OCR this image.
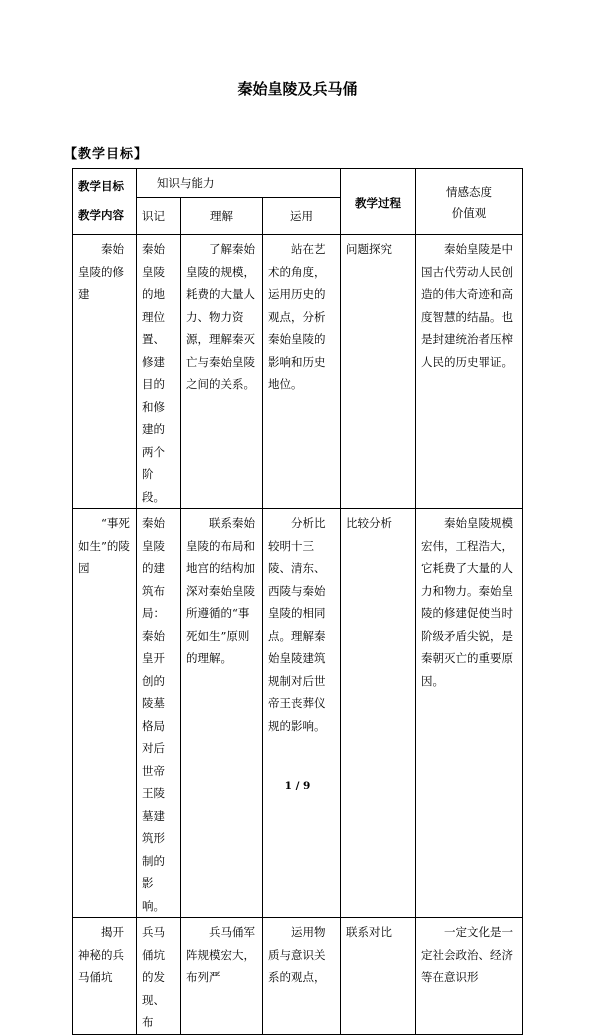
秦始皇陵及兵马俑
【教学目标】
教学目标	知识与能力			教学过程	情感态度
价值观

教学内容	识记	理解	运用		
秦始皇陵的修建	秦始皇陵的地理位置、修建目的和修建的两个阶段。	了解秦始皇陵的规模，耗费的大量人力、物力资源，理解秦灭亡与秦始皇陵之间的关系。	站在艺术的角度，运用历史的观点，分析秦始皇陵的影响和历史地位。	问题探究	秦始皇陵是中国古代劳动人民创造的伟大奇迹和高度智慧的结晶。也是封建统治者压榨人民的历史罪证。
“事死如生”的陵园	秦始皇陵的建筑布局：秦始皇开创的陵墓格局对后世帝王陵墓建筑形制的影响。	联系秦始皇陵的布局和地宫的结构加深对秦始皇陵所遵循的“事死如生”原则的理解。	分析比较明十三陵、清东、西陵与秦始皇陵的相同点。理解秦始皇陵建筑规制对后世帝王丧葬仪规的影响。	比较分析	秦始皇陵规模宏伟，工程浩大，它耗费了大量的人力和物力。秦始皇陵的修建促使当时阶级矛盾尖锐，是秦朝灭亡的重要原因。
揭开神秘的兵马俑坑	兵马俑坑的发现、布	兵马俑军阵规模宏大，布列严	运用物质与意识关系的观点，	联系对比	一定文化是一定社会政治、经济等在意识形
1 / 9
